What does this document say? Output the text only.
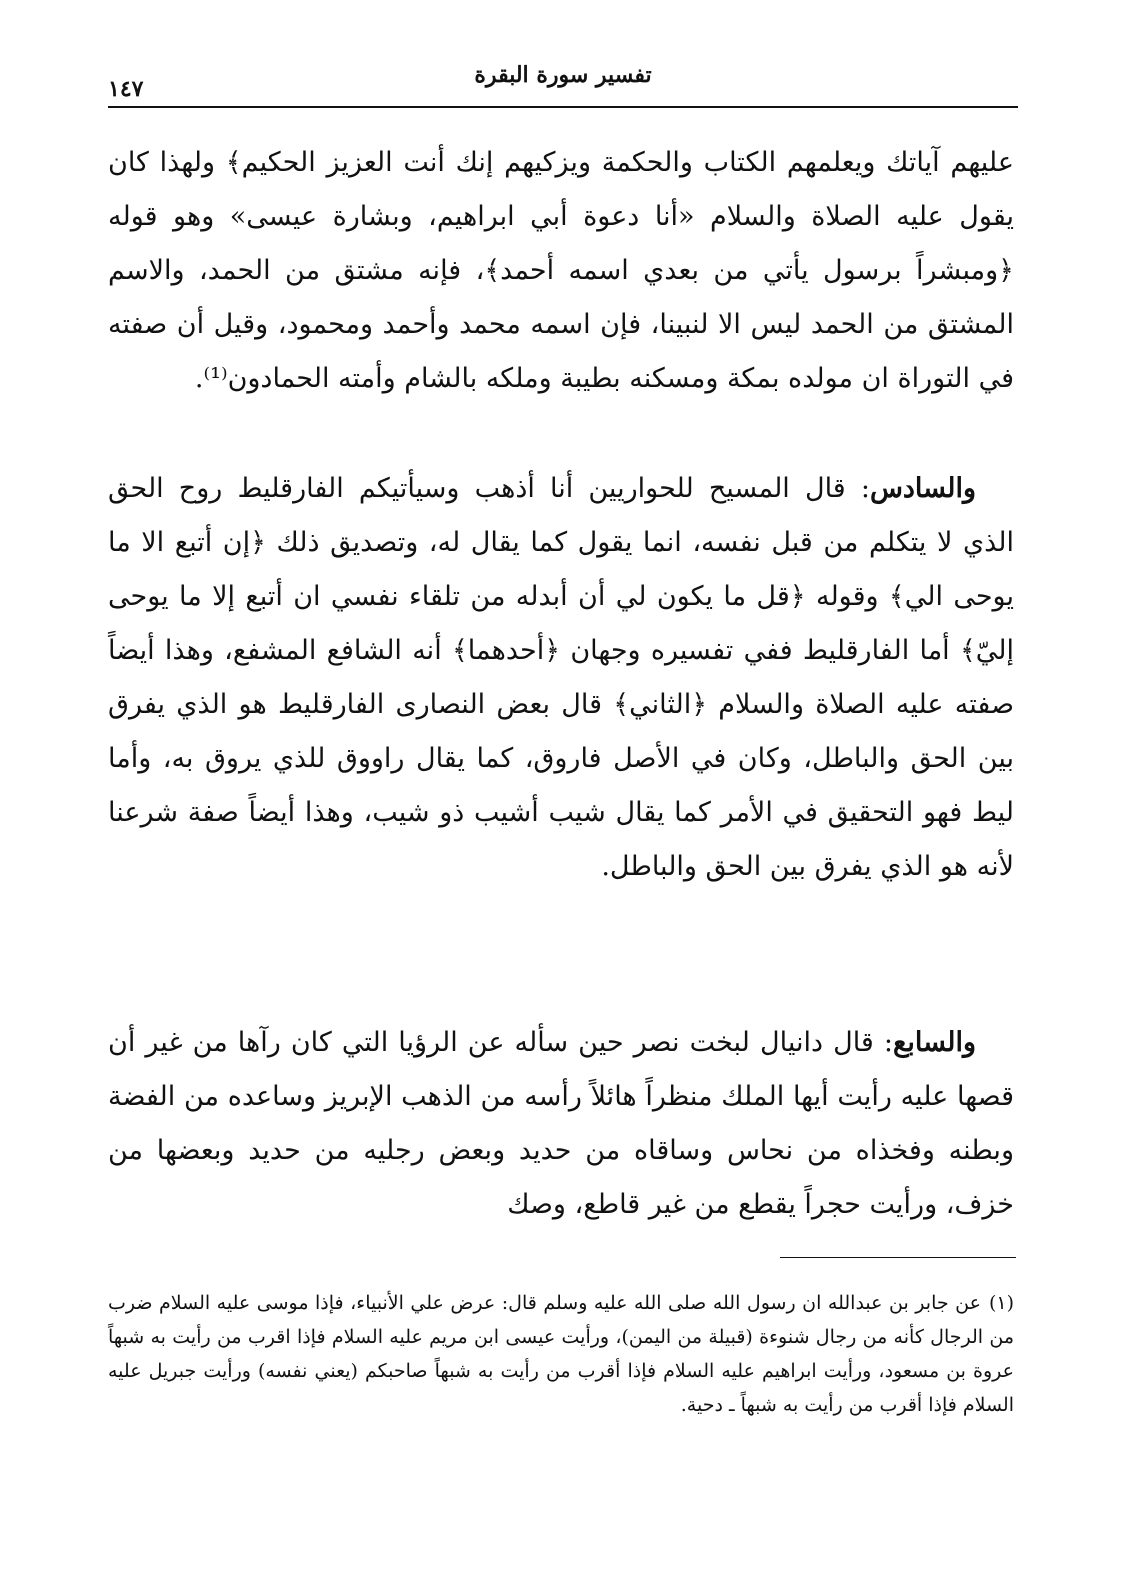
تفسير سورة البقرة
١٤٧
عليهم آياتك ويعلمهم الكتاب والحكمة ويزكيهم إنك أنت العزيز الحكيم﴾ ولهذا كان يقول عليه الصلاة والسلام «أنا دعوة أبي ابراهيم، وبشارة عيسى» وهو قوله ﴿ومبشراً برسول يأتي من بعدي اسمه أحمد﴾، فإنه مشتق من الحمد، والاسم المشتق من الحمد ليس الا لنبينا، فإن اسمه محمد وأحمد ومحمود، وقيل أن صفته في التوراة ان مولده بمكة ومسكنه بطيبة وملكه بالشام وأمته الحمادون⁽¹⁾.
والسادس: قال المسيح للحواريين أنا أذهب وسيأتيكم الفارقليط روح الحق الذي لا يتكلم من قبل نفسه، انما يقول كما يقال له، وتصديق ذلك ﴿إن أتبع الا ما يوحى الي﴾ وقوله ﴿قل ما يكون لي أن أبدله من تلقاء نفسي ان أتبع إلا ما يوحى إليّ﴾ أما الفارقليط ففي تفسيره وجهان ﴿أحدهما﴾ أنه الشافع المشفع، وهذا أيضاً صفته عليه الصلاة والسلام ﴿الثاني﴾ قال بعض النصارى الفارقليط هو الذي يفرق بين الحق والباطل، وكان في الأصل فاروق، كما يقال راووق للذي يروق به، وأما ليط فهو التحقيق في الأمر كما يقال شيب أشيب ذو شيب، وهذا أيضاً صفة شرعنا لأنه هو الذي يفرق بين الحق والباطل.
والسابع: قال دانيال لبخت نصر حين سأله عن الرؤيا التي كان رآها من غير أن قصها عليه رأيت أيها الملك منظراً هائلاً رأسه من الذهب الإبريز وساعده من الفضة وبطنه وفخذاه من نحاس وساقاه من حديد وبعض رجليه من حديد وبعضها من خزف، ورأيت حجراً يقطع من غير قاطع، وصك
(١)عن جابر بن عبدالله ان رسول الله صلى الله عليه وسلم قال: عرض علي الأنبياء، فإذا موسى عليه السلام ضرب من الرجال كأنه من رجال شنوءة (قبيلة من اليمن)، ورأيت عيسى ابن مريم عليه السلام فإذا اقرب من رأيت به شبهاً عروة بن مسعود، ورأيت ابراهيم عليه السلام فإذا أقرب من رأيت به شبهاً صاحبكم (يعني نفسه) ورأيت جبريل عليه السلام فإذا أقرب من رأيت به شبهاً ـ دحية.
